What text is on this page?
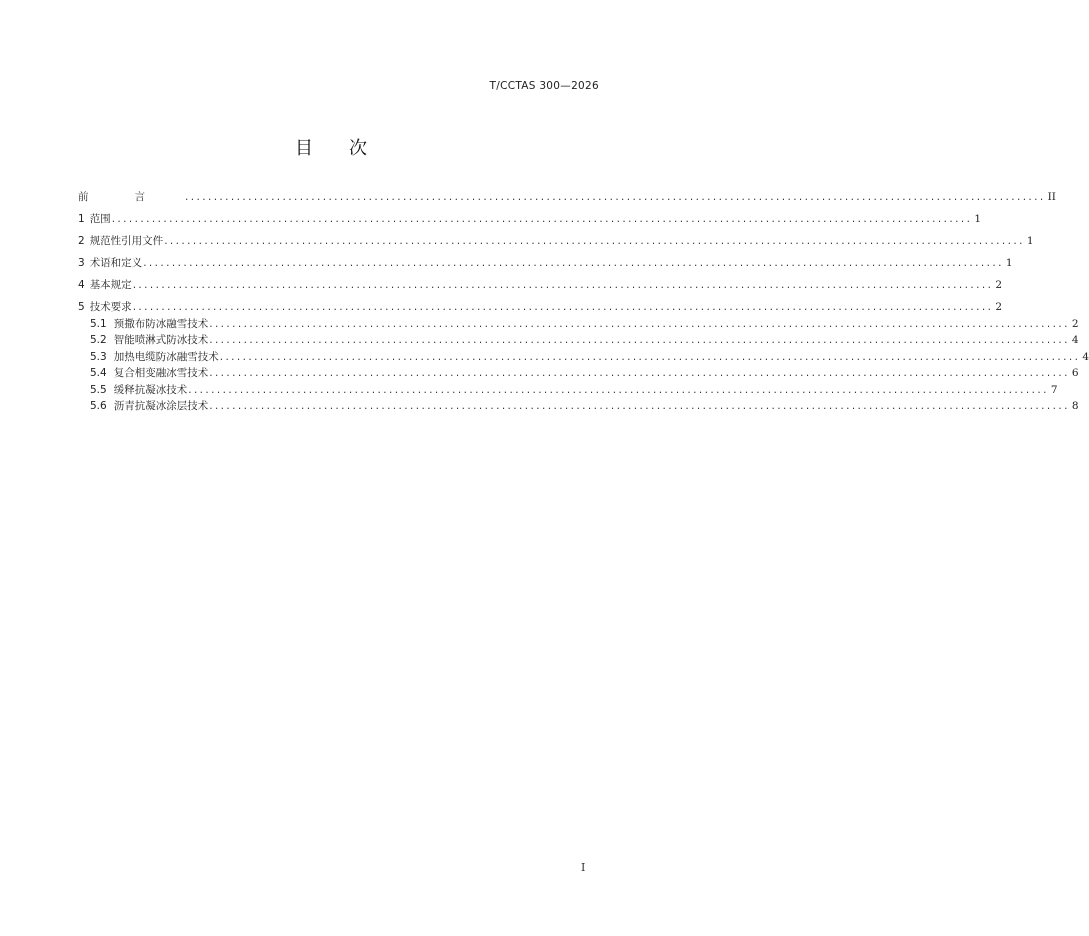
T/CCTAS 300—2026
目 次
前	言	...................................................................................................................................................... II
1 范围 ...................................................................................................................................................... 1
2 规范性引用文件 ...................................................................................................................................................... 1
3 术语和定义 ...................................................................................................................................................... 1
4 基本规定 ...................................................................................................................................................... 2
5 技术要求 ...................................................................................................................................................... 2
5.1 预撒布防冰融雪技术 ...................................................................................................................................................... 2
5.2 智能喷淋式防冰技术 ...................................................................................................................................................... 4
5.3 加热电缆防冰融雪技术 ...................................................................................................................................................... 4
5.4 复合相变融冰雪技术 ...................................................................................................................................................... 6
5.5 缓释抗凝冰技术 ...................................................................................................................................................... 7
5.6 沥青抗凝冰涂层技术 ...................................................................................................................................................... 8
I
